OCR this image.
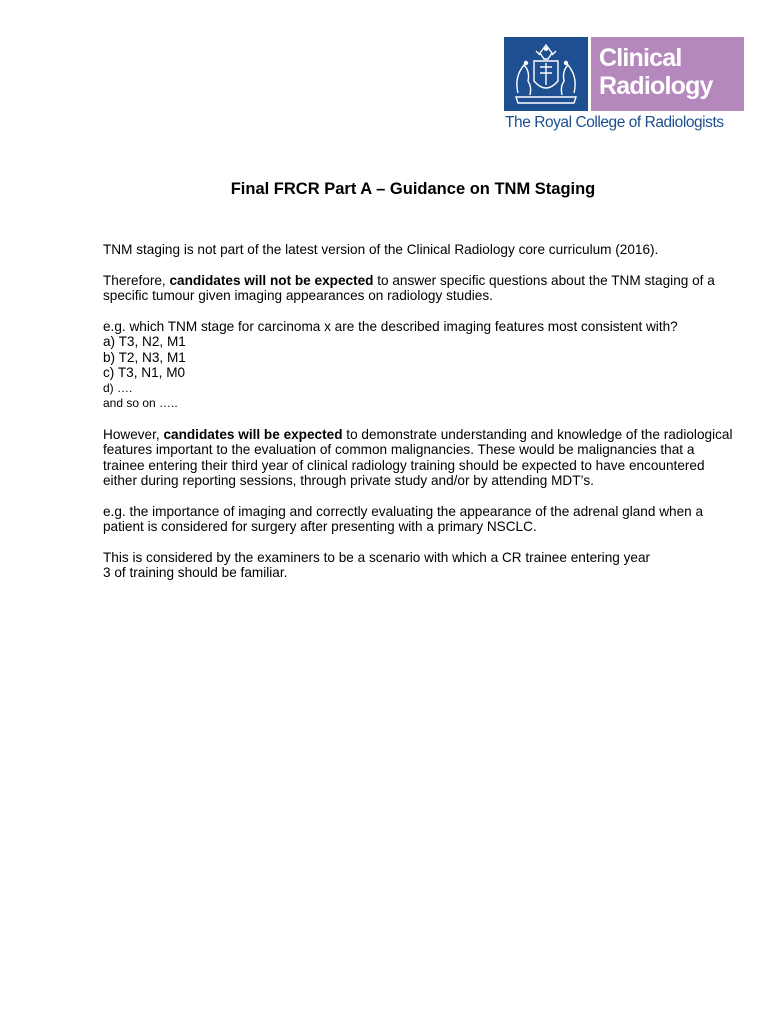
Clinical
Radiology
The Royal College of Radiologists
Final FRCR Part A – Guidance on TNM Staging

TNM staging is not part of the latest version of the Clinical Radiology core curriculum (2016).

Therefore, candidates will not be expected to answer specific questions about the TNM staging of a specific tumour given imaging appearances on radiology studies.

e.g. which TNM stage for carcinoma x are the described imaging features most consistent with?
a) T3, N2, M1
b) T2, N3, M1
c) T3, N1, M0
d) ….
and so on …..

However, candidates will be expected to demonstrate understanding and knowledge of the radiological features important to the evaluation of common malignancies. These would be malignancies that a trainee entering their third year of clinical radiology training should be expected to have encountered either during reporting sessions, through private study and/or by attending MDT’s.

e.g. the importance of imaging and correctly evaluating the appearance of the adrenal gland when a patient is considered for surgery after presenting with a primary NSCLC.

This is considered by the examiners to be a scenario with which a CR trainee entering year
3 of training should be familiar.
